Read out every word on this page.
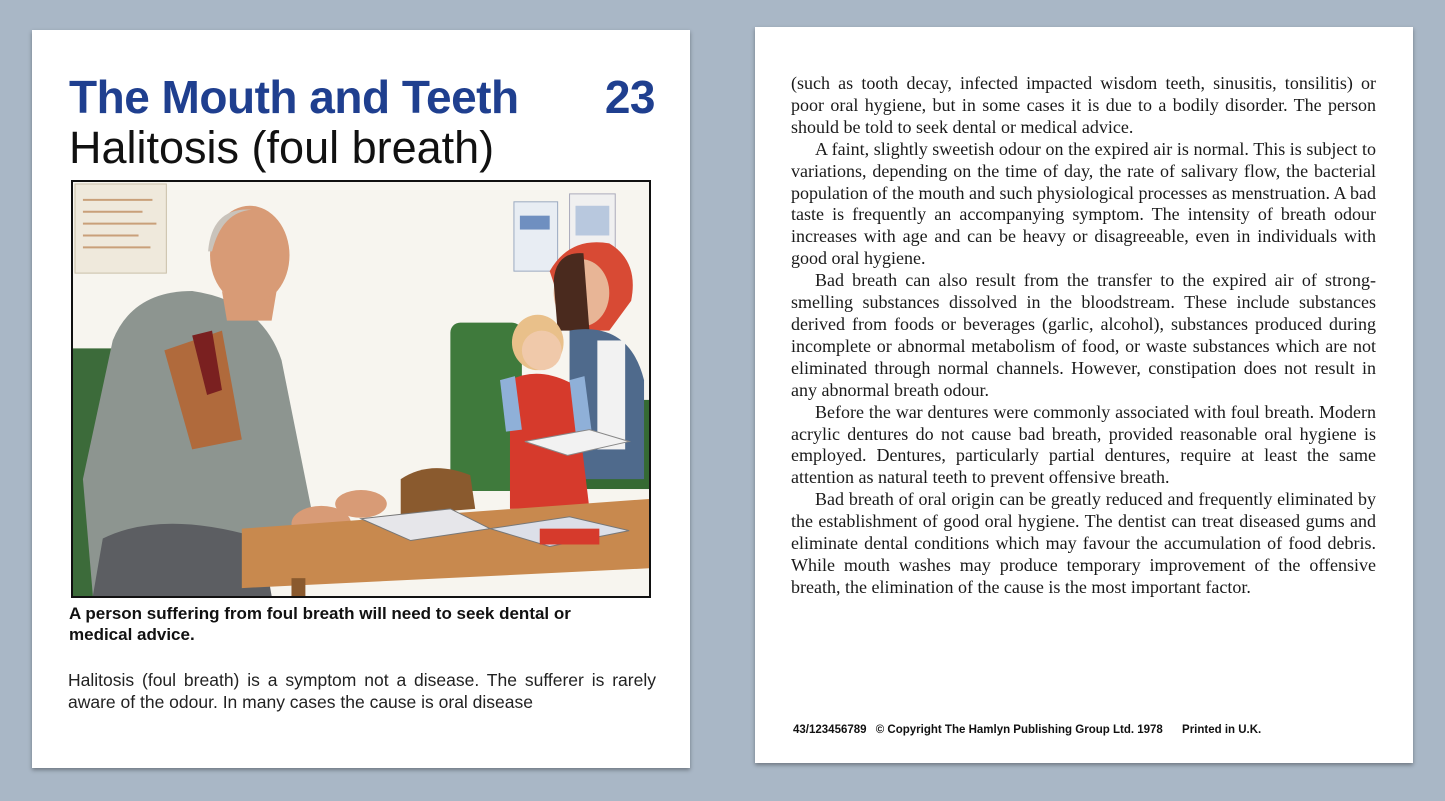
The Mouth and Teeth 23
Halitosis (foul breath)
A person suffering from foul breath will need to seek dental or medical advice.
Halitosis (foul breath) is a symptom not a disease. The sufferer is rarely aware of the odour. In many cases the cause is oral disease

(such as tooth decay, infected impacted wisdom teeth, sinusitis, tonsilitis) or poor oral hygiene, but in some cases it is due to a bodily disorder. The person should be told to seek dental or medical advice.

A faint, slightly sweetish odour on the expired air is normal. This is subject to variations, depending on the time of day, the rate of salivary flow, the bacterial population of the mouth and such physiological processes as menstruation. A bad taste is frequently an accompanying symptom. The intensity of breath odour increases with age and can be heavy or disagreeable, even in individuals with good oral hygiene.

Bad breath can also result from the transfer to the expired air of strong-smelling substances dissolved in the bloodstream. These include substances derived from foods or beverages (garlic, alcohol), substances produced during incomplete or abnormal metabolism of food, or waste substances which are not eliminated through normal channels. However, constipation does not result in any abnormal breath odour.

Before the war dentures were commonly associated with foul breath. Modern acrylic dentures do not cause bad breath, provided reasonable oral hygiene is employed. Dentures, particularly partial dentures, require at least the same attention as natural teeth to prevent offensive breath.

Bad breath of oral origin can be greatly reduced and frequently eliminated by the establishment of good oral hygiene. The dentist can treat diseased gums and eliminate dental conditions which may favour the accumulation of food debris. While mouth washes may produce temporary improvement of the offensive breath, the elimination of the cause is the most important factor.

43/123456789 © Copyright The Hamlyn Publishing Group Ltd. 1978 Printed in U.K.
